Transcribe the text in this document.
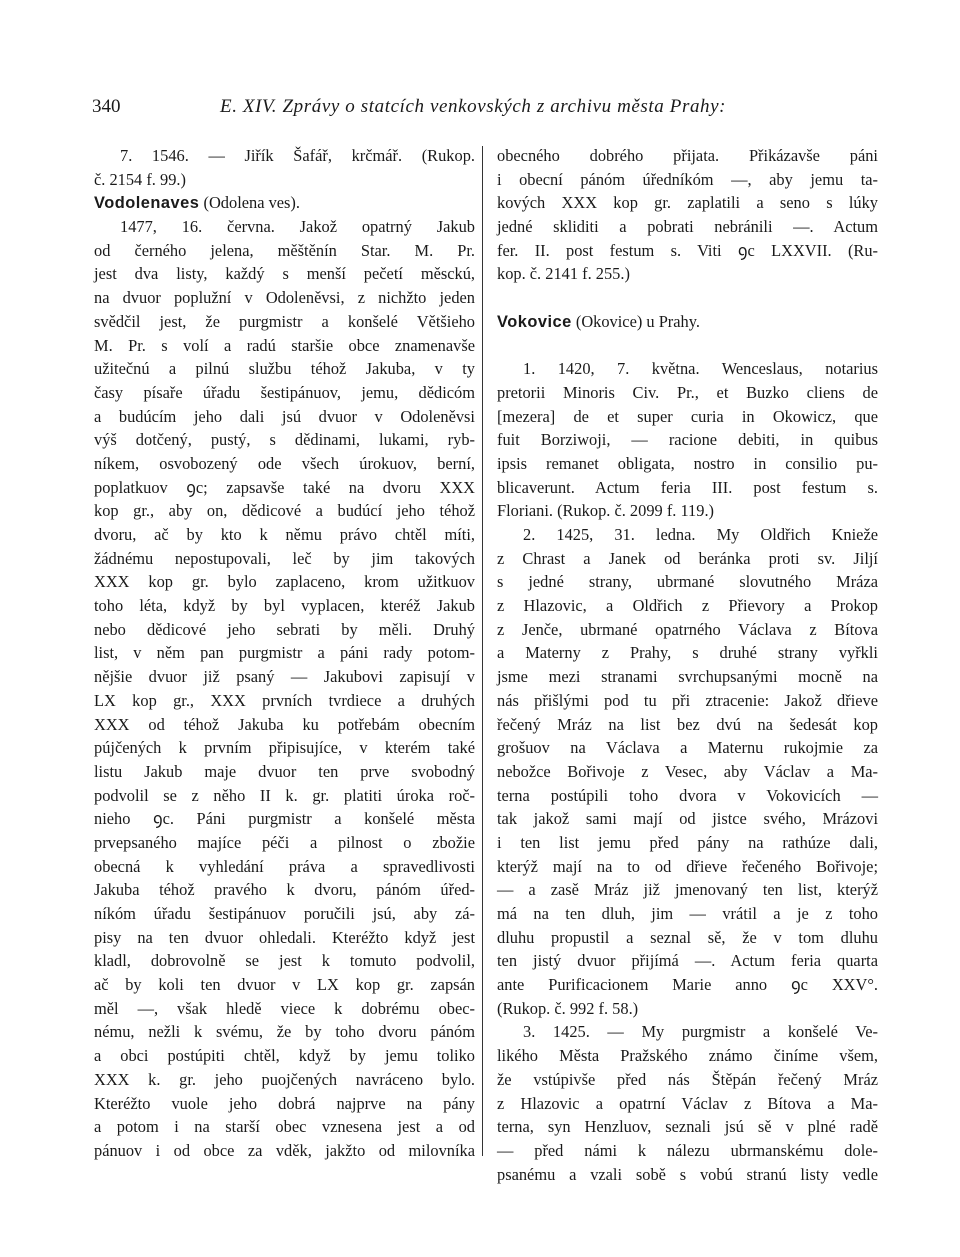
340	E. XIV. Zprávy o statcích venkovských z archivu města Prahy:
7. 1546. — Jiřík Šafář, krčmář. (Rukop.
č. 2154 f. 99.)
Vodolenaves (Odolena ves).
1477, 16. června. Jakož opatrný Jakub
od černého jelena, měštěnín Star. M. Pr.
jest dva listy, každý s menší pečetí měsckú,
na dvuor poplužní v Odoleněvsi, z nichžto jeden
svědčil jest, že purgmistr a konšelé Většieho
M. Pr. s volí a radú staršie obce znamenavše
užitečnú a pilnú službu téhož Jakuba, v ty
časy písaře úřadu šestipánuov, jemu, dědicóm
a budúcím jeho dali jsú dvuor v Odoleněvsi
výš dotčený, pustý, s dědinami, lukami, ryb-
níkem, osvobozený ode všech úrokuov, berní,
poplatkuov ꝯc; zapsavše také na dvoru XXX
kop gr., aby on, dědicové a budúcí jeho téhož
dvoru, ač by kto k němu právo chtěl míti,
žádnému nepostupovali, leč by jim takových
XXX kop gr. bylo zaplaceno, krom užitkuov
toho léta, když by byl vyplacen, kteréž Jakub
nebo dědicové jeho sebrati by měli. Druhý
list, v něm pan purgmistr a páni rady potom-
nějšie dvuor již psaný — Jakubovi zapisují v
LX kop gr., XXX prvních tvrdiece a druhých
XXX od téhož Jakuba ku potřebám obecním
pújčených k prvním připisujíce, v kterém také
listu Jakub maje dvuor ten prve svobodný
podvolil se z něho II k. gr. platiti úroka roč-
nieho ꝯc. Páni purgmistr a konšelé města
prvepsaného majíce péči a pilnost o zbožie
obecná k vyhledání práva a spravedlivosti
Jakuba téhož pravého k dvoru, pánóm úřed-
níkóm úřadu šestipánuov poručili jsú, aby zá-
pisy na ten dvuor ohledali. Kteréžto když jest
kladl, dobrovolně se jest k tomuto podvolil,
ač by koli ten dvuor v LX kop gr. zapsán
měl —, však hledě viece k dobrému obec-
nému, nežli k svému, že by toho dvoru pánóm
a obci postúpiti chtěl, když by jemu toliko
XXX k. gr. jeho puojčených navráceno bylo.
Kteréžto vuole jeho dobrá najprve na pány
a potom i na starší obec vznesena jest a od
pánuov i od obce za vděk, jakžto od milovníka
obecného dobrého přijata. Přikázavše páni
i obecní pánóm úředníkóm —, aby jemu ta-
kových XXX kop gr. zaplatili a seno s lúky
jedné skliditi a pobrati nebránili —. Actum
fer. II. post festum s. Viti ꝯc LXXVII. (Ru-
kop. č. 2141 f. 255.)
Vokovice (Okovice) u Prahy.
1. 1420, 7. května. Wenceslaus, notarius
pretorii Minoris Civ. Pr., et Buzko cliens de
[mezera] de et super curia in Okowicz, que
fuit Borziwoji, — racione debiti, in quibus
ipsis remanet obligata, nostro in consilio pu-
blicaverunt. Actum feria III. post festum s.
Floriani. (Rukop. č. 2099 f. 119.)
2. 1425, 31. ledna. My Oldřich Knieže
z Chrast a Janek od beránka proti sv. Jiljí
s jedné strany, ubrmané slovutného Mráza
z Hlazovic, a Oldřich z Přievory a Prokop
z Jenče, ubrmané opatrného Václava z Bítova
a Materny z Prahy, s druhé strany vyřkli
jsme mezi stranami svrchupsanými mocně na
nás přišlými pod tu při ztracenie: Jakož dřieve
řečený Mráz na list bez dvú na šedesát kop
grošuov na Václava a Maternu rukojmie za
nebožce Bořivoje z Vesec, aby Václav a Ma-
terna postúpili toho dvora v Vokovicích —
tak jakož sami mají od jistce svého, Mrázovi
i ten list jemu před pány na rathúze dali,
kterýž mají na to od dřieve řečeného Bořivoje;
— a zasě Mráz již jmenovaný ten list, kterýž
má na ten dluh, jim — vrátil a je z toho
dluhu propustil a seznal sě, že v tom dluhu
ten jistý dvuor přijímá —. Actum feria quarta
ante Purificacionem Marie anno ꝯc XXV°.
(Rukop. č. 992 f. 58.)
3. 1425. — My purgmistr a konšelé Ve-
likého Města Pražského známo činíme všem,
že vstúpivše před nás Štěpán řečený Mráz
z Hlazovic a opatrní Václav z Bítova a Ma-
terna, syn Henzluov, seznali jsú sě v plné radě
— před námi k nálezu ubrmanskému dole-
psanému a vzali sobě s vobú stranú listy vedle
